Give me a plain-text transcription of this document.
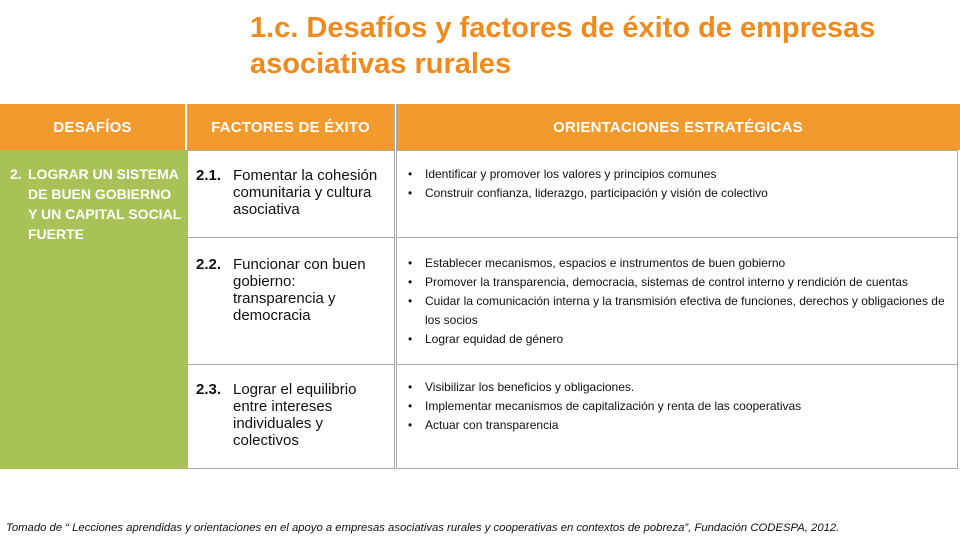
1.c. Desafíos y factores de éxito de empresas
asociativas rurales
DESAFÍOS	FACTORES DE ÉXITO	ORIENTACIONES ESTRATÉGICAS
2. LOGRAR UN SISTEMA DE BUEN GOBIERNO Y UN CAPITAL SOCIAL FUERTE
2.1. Fomentar la cohesión comunitaria y cultura asociativa
• Identificar y promover los valores y principios comunes
• Construir confianza, liderazgo, participación y visión de colectivo
2.2. Funcionar con buen gobierno: transparencia y democracia
• Establecer mecanismos, espacios e instrumentos de buen gobierno
• Promover la transparencia, democracia, sistemas de control interno y rendición de cuentas
• Cuidar la comunicación interna y la transmisión efectiva de funciones, derechos y obligaciones de los socios
• Lograr equidad de género
2.3. Lograr el equilibrio entre intereses individuales y colectivos
• Visibilizar los beneficios y obligaciones.
• Implementar mecanismos de capitalización y renta de las cooperativas
• Actuar con transparencia
Tomado de “ Lecciones aprendidas y orientaciones en el apoyo a empresas asociativas rurales y cooperativas en contextos de pobreza”, Fundación CODESPA, 2012.
